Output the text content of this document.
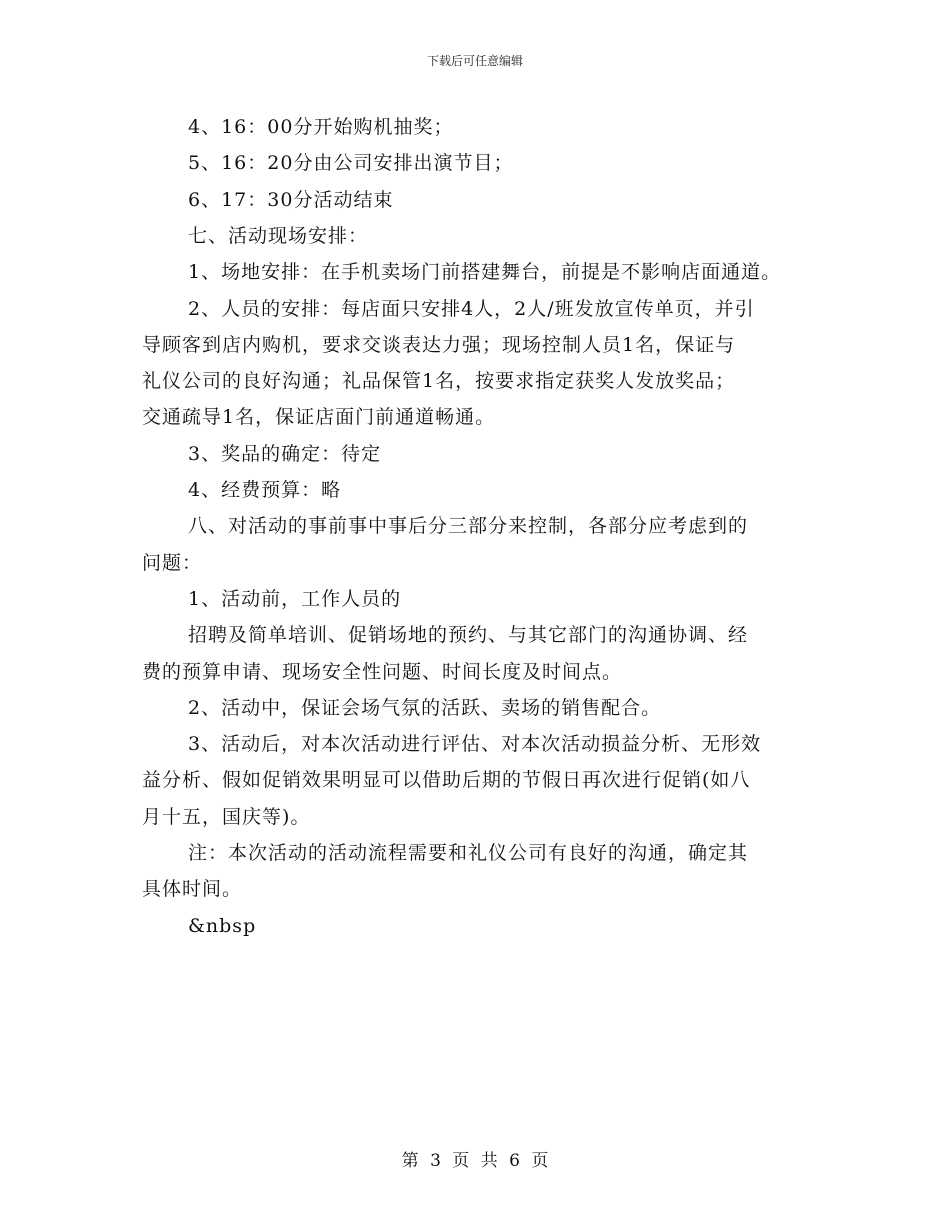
下载后可任意编辑
4、16：00分开始购机抽奖；
5、16：20分由公司安排出演节目；
6、17：30分活动结束
七、活动现场安排：
1、场地安排：在手机卖场门前搭建舞台，前提是不影响店面通道。
2、人员的安排：每店面只安排4人，2人/班发放宣传单页，并引
导顾客到店内购机，要求交谈表达力强；现场控制人员1名，保证与
礼仪公司的良好沟通；礼品保管1名，按要求指定获奖人发放奖品；
交通疏导1名，保证店面门前通道畅通。
3、奖品的确定：待定
4、经费预算：略
八、对活动的事前事中事后分三部分来控制，各部分应考虑到的
问题：
1、活动前，工作人员的
招聘及简单培训、促销场地的预约、与其它部门的沟通协调、经
费的预算申请、现场安全性问题、时间长度及时间点。
2、活动中，保证会场气氛的活跃、卖场的销售配合。
3、活动后，对本次活动进行评估、对本次活动损益分析、无形效
益分析、假如促销效果明显可以借助后期的节假日再次进行促销(如八
月十五，国庆等)。
注：本次活动的活动流程需要和礼仪公司有良好的沟通，确定其
具体时间。
&nbsp
第 3 页 共 6 页
